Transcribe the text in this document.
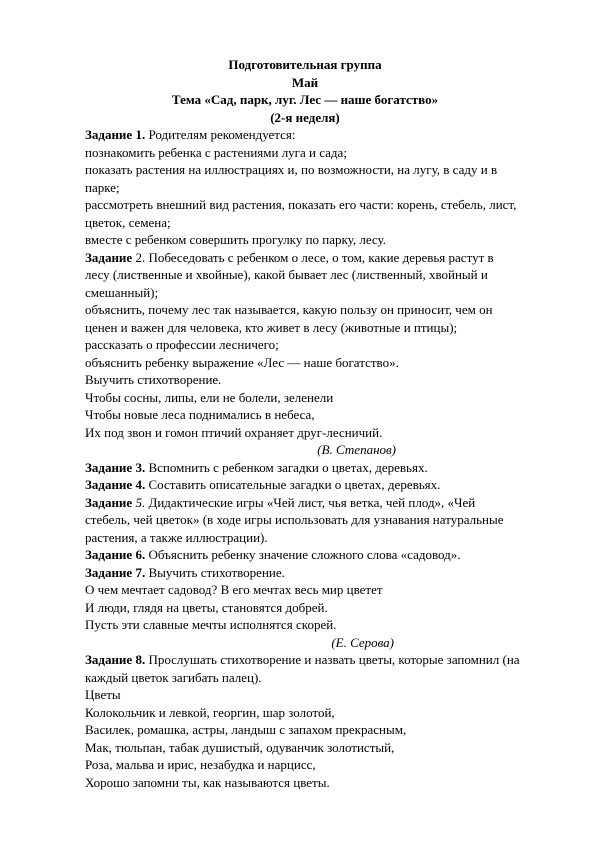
Подготовительная группа
Май
Тема «Сад, парк, луг. Лес — наше богатство»
(2-я неделя)
Задание 1. Родителям рекомендуется:
познакомить ребенка с растениями луга и сада;
показать растения на иллюстрациях и, по возможности, на лугу, в саду и в
парке;
рассмотреть внешний вид растения, показать его части: корень, стебель, лист,
цветок, семена;
вместе с ребенком совершить прогулку по парку, лесу.
Задание 2. Побеседовать с ребенком о лесе, о том, какие деревья растут в
лесу (лиственные и хвойные), какой бывает лес (лиственный, хвойный и
смешанный);
объяснить, почему лес так называется, какую пользу он приносит, чем он
ценен и важен для человека, кто живет в лесу (животные и птицы);
рассказать о профессии лесничего;
объяснить ребенку выражение «Лес — наше богатство».
Выучить стихотворение.
Чтобы сосны, липы, ели не болели, зеленели
Чтобы новые леса поднимались в небеса,
Их под звон и гомон птичий охраняет друг-лесничий.
(В. Степанов)
Задание 3. Вспомнить с ребенком загадки о цветах, деревьях.
Задание 4. Составить описательные загадки о цветах, деревьях.
Задание 5. Дидактические игры «Чей лист, чья ветка, чей плод», «Чей
стебель, чей цветок» (в ходе игры использовать для узнавания натуральные
растения, а также иллюстрации).
Задание 6. Объяснить ребенку значение сложного слова «садовод».
Задание 7. Выучить стихотворение.
О чем мечтает садовод? В его мечтах весь мир цветет
И люди, глядя на цветы, становятся добрей.
Пусть эти славные мечты исполнятся скорей.
(Е. Серова)
Задание 8. Прослушать стихотворение и назвать цветы, которые запомнил (на
каждый цветок загибать палец).
Цветы
Колокольчик и левкой, георгин, шар золотой,
Василек, ромашка, астры, ландыш с запахом прекрасным,
Мак, тюльпан, табак душистый, одуванчик золотистый,
Роза, мальва и ирис, незабудка и нарцисс,
Хорошо запомни ты, как называются цветы.
